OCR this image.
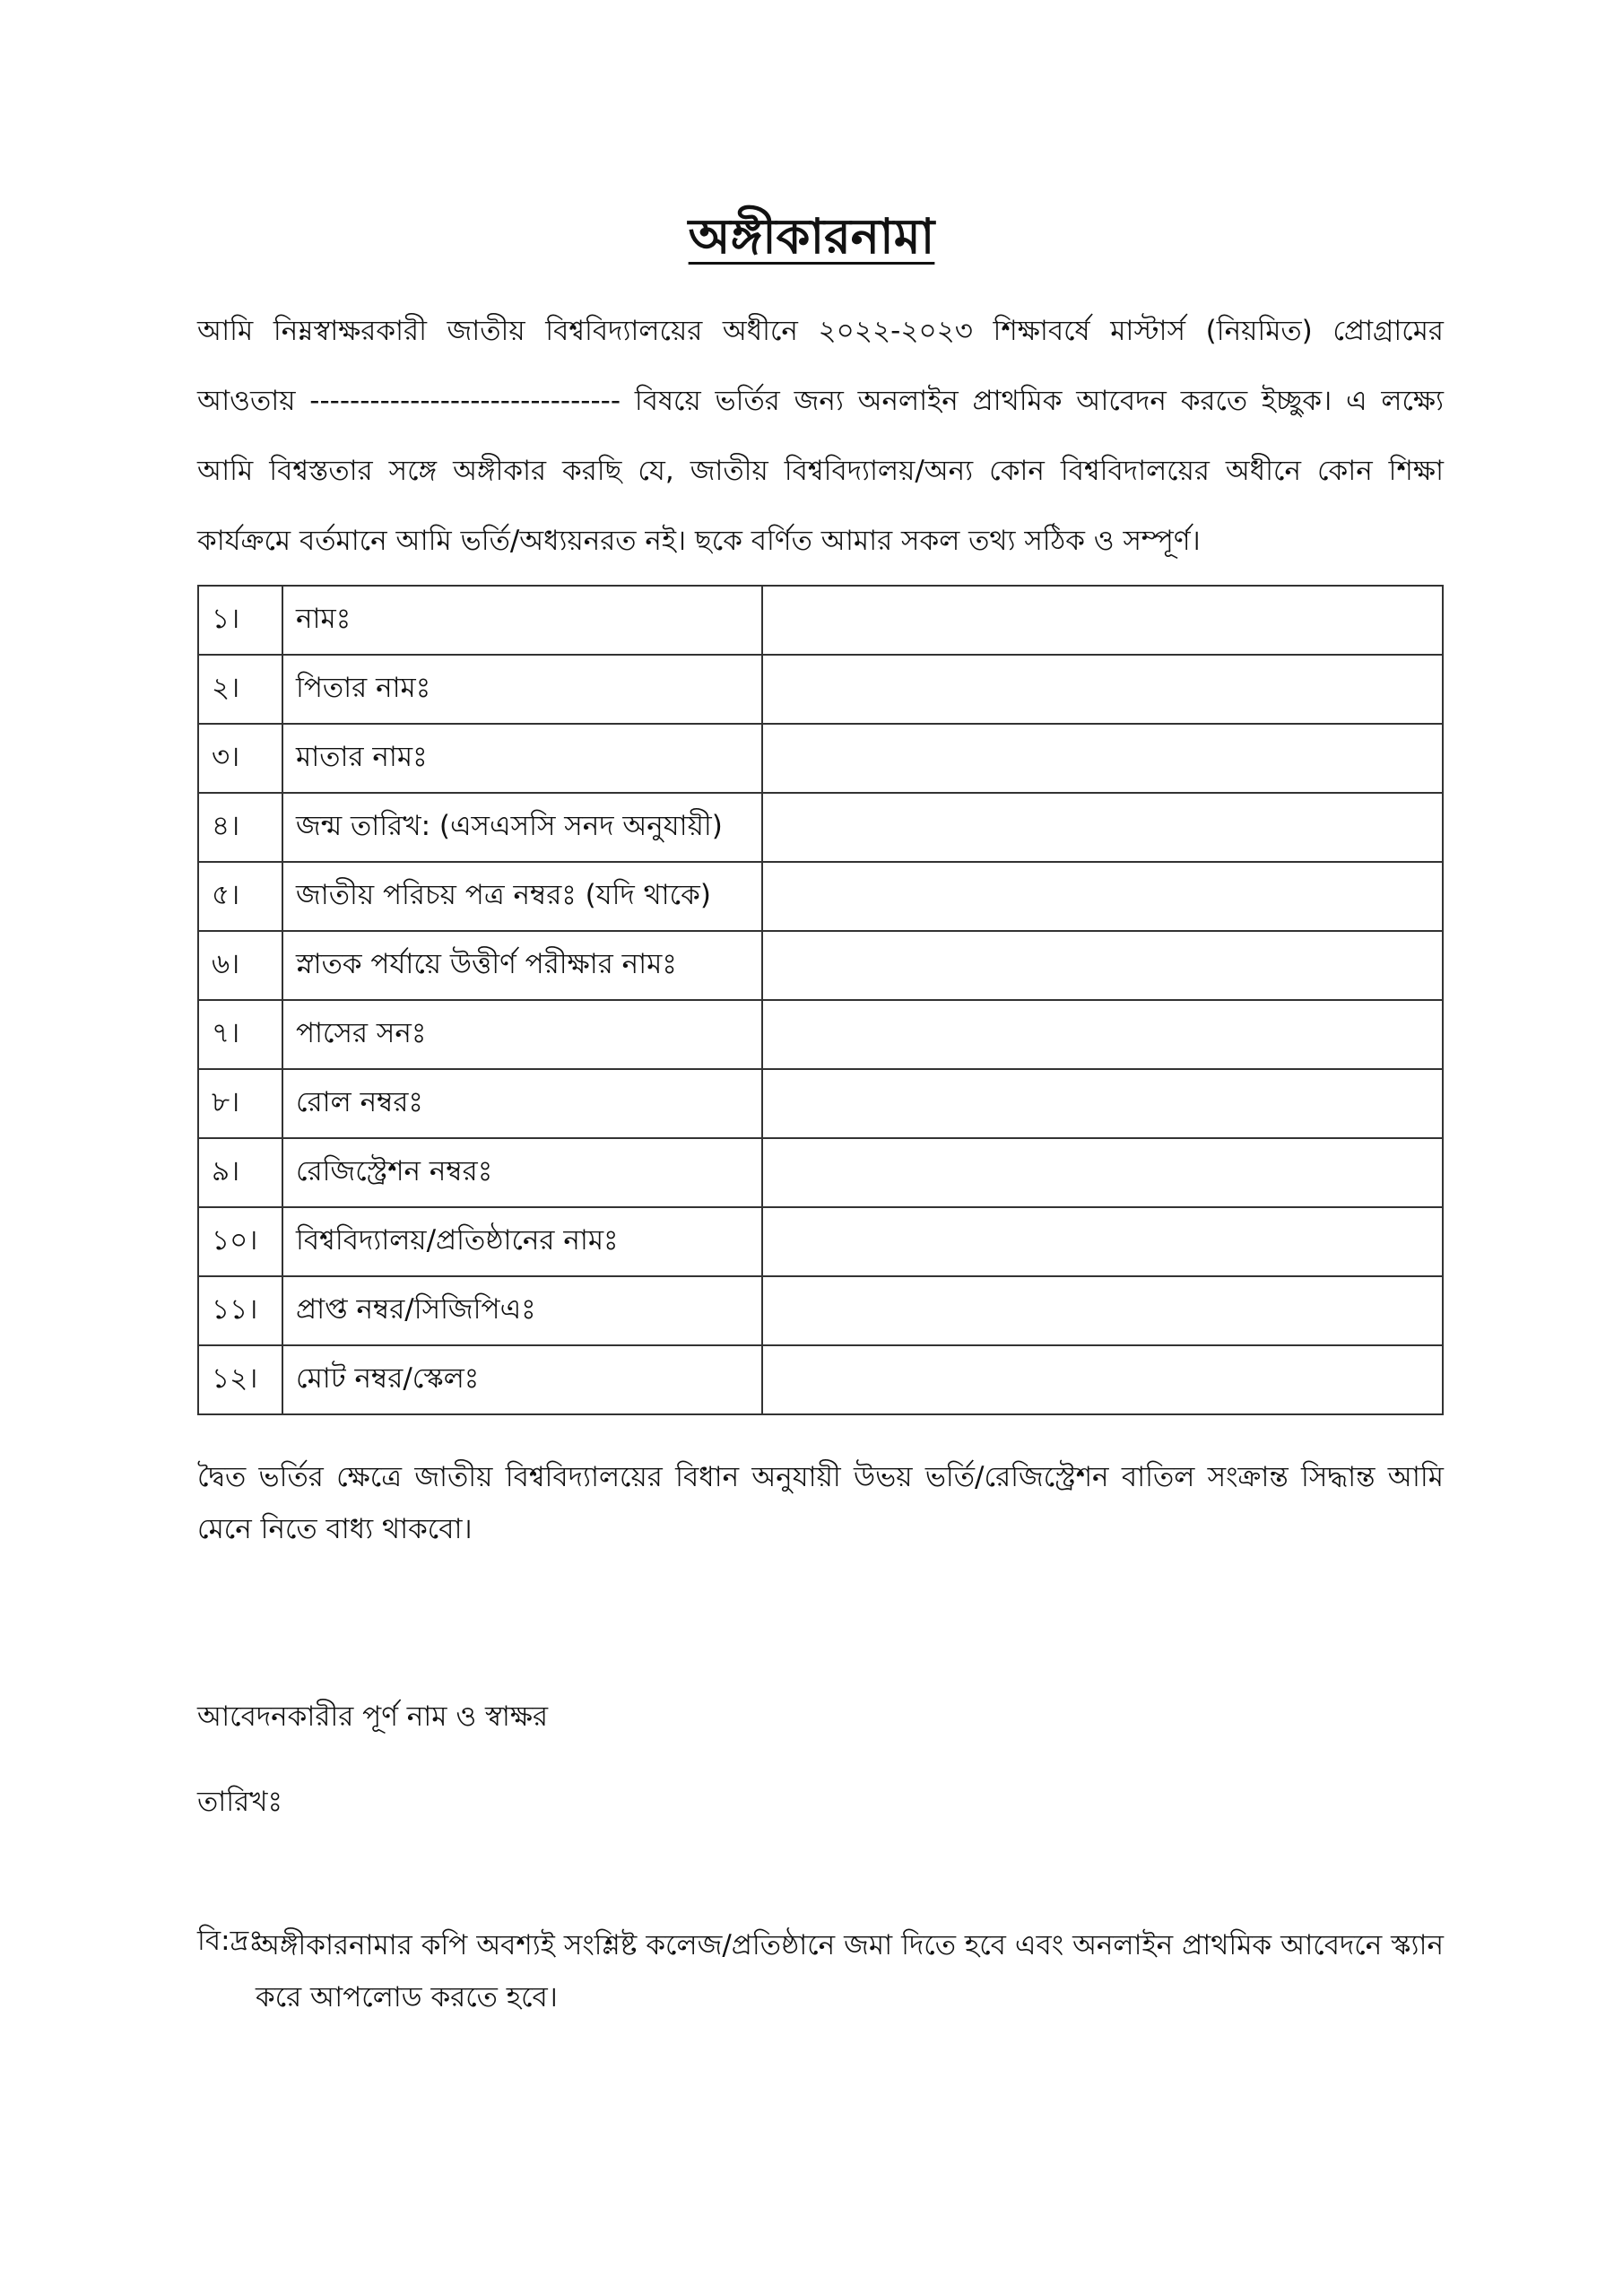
অঙ্গীকারনামা

আমি নিম্নস্বাক্ষরকারী জাতীয় বিশ্ববিদ্যালয়ের অধীনে ২০২২-২০২৩ শিক্ষাবর্ষে মাস্টার্স (নিয়মিত) প্রোগ্রামের আওতায় ------------------------------- বিষয়ে ভর্তির জন্য অনলাইন প্রাথমিক আবেদন করতে ইচ্ছুক। এ লক্ষ্যে আমি বিশ্বস্ততার সঙ্গে অঙ্গীকার করছি যে, জাতীয় বিশ্ববিদ্যালয়/অন্য কোন বিশ্ববিদালয়ের অধীনে কোন শিক্ষা কার্যক্রমে বর্তমানে আমি ভর্তি/অধ্যয়নরত নই। ছকে বর্ণিত আমার সকল তথ্য সঠিক ও সম্পূর্ণ।

১।	নামঃ	
২।	পিতার নামঃ	
৩।	মাতার নামঃ	
৪।	জন্ম তারিখ: (এসএসসি সনদ অনুযায়ী)	
৫।	জাতীয় পরিচয় পত্র নম্বরঃ (যদি থাকে)	
৬।	স্নাতক পর্যায়ে উত্তীর্ণ পরীক্ষার নামঃ	
৭।	পাসের সনঃ	
৮।	রোল নম্বরঃ	
৯।	রেজিস্ট্রেশন নম্বরঃ	
১০।	বিশ্ববিদ্যালয়/প্রতিষ্ঠানের নামঃ	
১১।	প্রাপ্ত নম্বর/সিজিপিএঃ	
১২।	মোট নম্বর/স্কেলঃ	

দ্বৈত ভর্তির ক্ষেত্রে জাতীয় বিশ্ববিদ্যালয়ের বিধান অনুযায়ী উভয় ভর্তি/রেজিস্ট্রেশন বাতিল সংক্রান্ত সিদ্ধান্ত আমি মেনে নিতে বাধ্য থাকবো।

আবেদনকারীর পূর্ণ নাম ও স্বাক্ষর
তারিখঃ
বি:দ্রঃ
অঙ্গীকারনামার কপি অবশ্যই সংশ্লিষ্ট কলেজ/প্রতিষ্ঠানে জমা দিতে হবে এবং অনলাইন প্রাথমিক আবেদনে স্ক্যান করে আপলোড করতে হবে।
